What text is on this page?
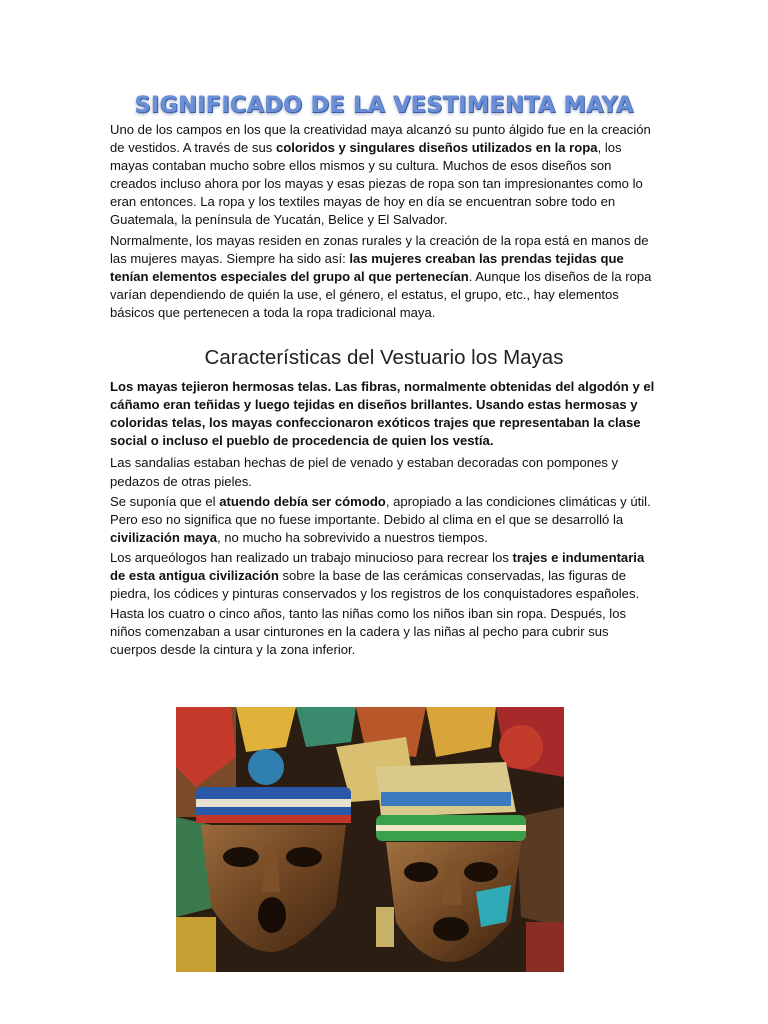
SIGNIFICADO DE LA VESTIMENTA MAYA

Uno de los campos en los que la creatividad maya alcanzó su punto álgido fue en la creación de vestidos. A través de sus coloridos y singulares diseños utilizados en la ropa, los mayas contaban mucho sobre ellos mismos y su cultura. Muchos de esos diseños son creados incluso ahora por los mayas y esas piezas de ropa son tan impresionantes como lo eran entonces. La ropa y los textiles mayas de hoy en día se encuentran sobre todo en Guatemala, la península de Yucatán, Belice y El Salvador.

Normalmente, los mayas residen en zonas rurales y la creación de la ropa está en manos de las mujeres mayas. Siempre ha sido así: las mujeres creaban las prendas tejidas que tenían elementos especiales del grupo al que pertenecían. Aunque los diseños de la ropa varían dependiendo de quién la use, el género, el estatus, el grupo, etc., hay elementos básicos que pertenecen a toda la ropa tradicional maya.

Características del Vestuario los Mayas

Los mayas tejieron hermosas telas. Las fibras, normalmente obtenidas del algodón y el cáñamo eran teñidas y luego tejidas en diseños brillantes. Usando estas hermosas y coloridas telas, los mayas confeccionaron exóticos trajes que representaban la clase social o incluso el pueblo de procedencia de quien los vestía.

Las sandalias estaban hechas de piel de venado y estaban decoradas con pompones y pedazos de otras pieles.

Se suponía que el atuendo debía ser cómodo, apropiado a las condiciones climáticas y útil. Pero eso no significa que no fuese importante. Debido al clima en el que se desarrolló la civilización maya, no mucho ha sobrevivido a nuestros tiempos.

Los arqueólogos han realizado un trabajo minucioso para recrear los trajes e indumentaria de esta antigua civilización sobre la base de las cerámicas conservadas, las figuras de piedra, los códices y pinturas conservados y los registros de los conquistadores españoles.

Hasta los cuatro o cinco años, tanto las niñas como los niños iban sin ropa. Después, los niños comenzaban a usar cinturones en la cadera y las niñas al pecho para cubrir sus cuerpos desde la cintura y la zona inferior.
